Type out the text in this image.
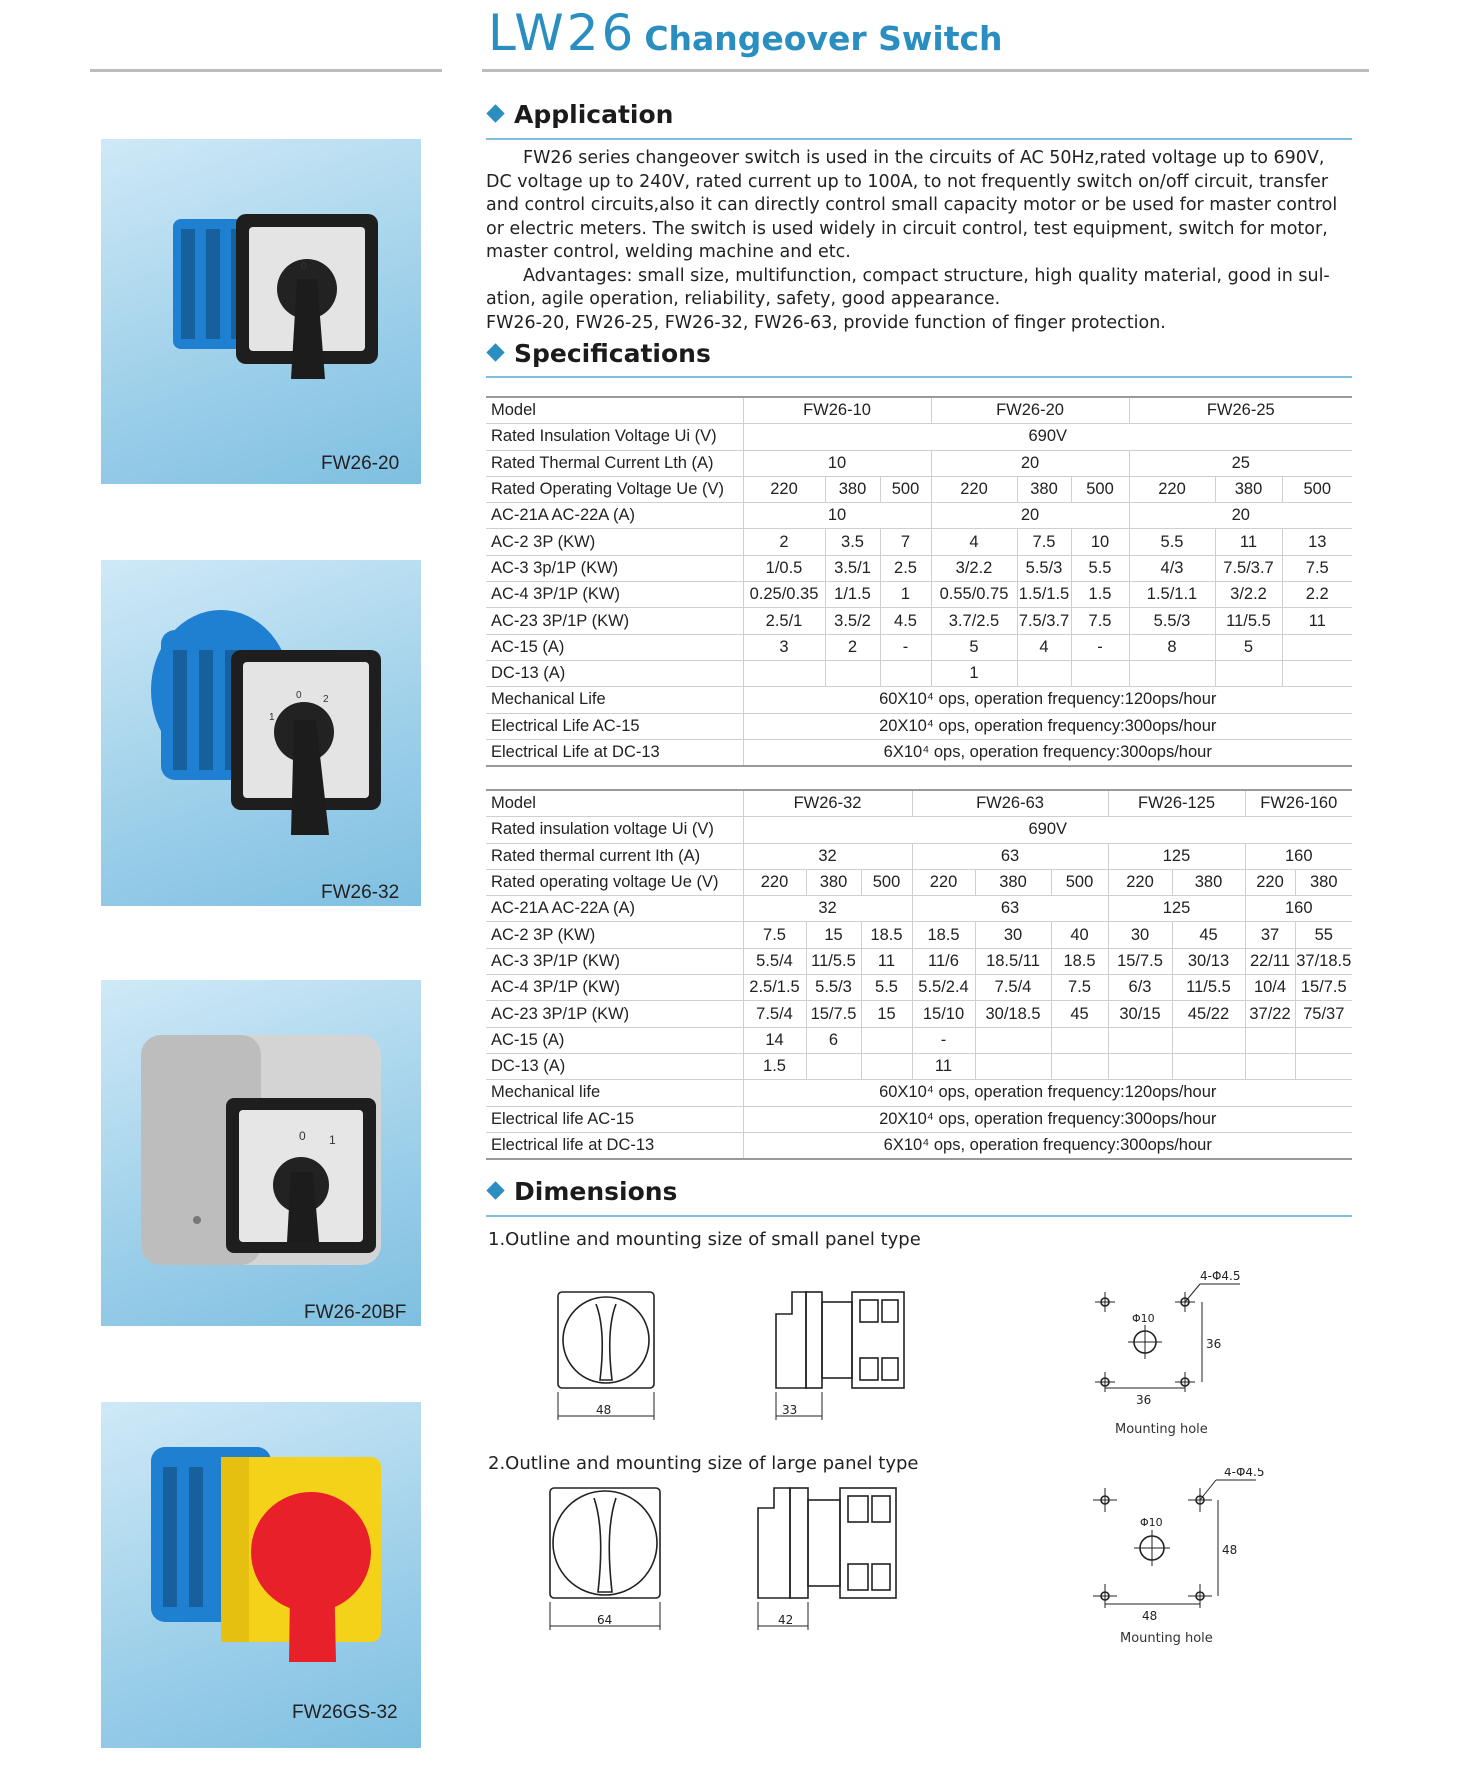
LW26 Changeover Switch
0
FW26-20
0 2
1
FW26-32
0 1
FW26-20BF
FW26GS-32
Application

FW26 series changeover switch is used in the circuits of AC 50Hz,rated voltage up to 690V,

DC voltage up to 240V, rated current up to 100A, to not frequently switch on/off circuit, transfer

and control circuits,also it can directly control small capacity motor or be used for master control

or electric meters. The switch is used widely in circuit control, test equipment, switch for motor,

master control, welding machine and etc.

Advantages: small size, multifunction, compact structure, high quality material, good in sul-

ation, agile operation, reliability, safety, good appearance.

FW26-20, FW26-25, FW26-32, FW26-63, provide function of finger protection.

Specifications
Model	FW26-10			FW26-20			FW26-25		
Rated Insulation Voltage Ui (V)	690V								
Rated Thermal Current Lth (A)	10			20			25		
Rated Operating Voltage Ue (V)	220	380	500	220	380	500	220	380	500
AC-21A AC-22A (A)	10			20			20		
AC-2 3P (KW)	2	3.5	7	4	7.5	10	5.5	11	13
AC-3 3p/1P (KW)	1/0.5	3.5/1	2.5	3/2.2	5.5/3	5.5	4/3	7.5/3.7	7.5
AC-4 3P/1P (KW)	0.25/0.35	1/1.5	1	0.55/0.75	1.5/1.5	1.5	1.5/1.1	3/2.2	2.2
AC-23 3P/1P (KW)	2.5/1	3.5/2	4.5	3.7/2.5	7.5/3.7	7.5	5.5/3	11/5.5	11
AC-15 (A)	3	2	-	5	4	-	8	5	
DC-13 (A)				1					
Mechanical Life	60X10⁴ ops, operation frequency:120ops/hour								
Electrical Life AC-15	20X10⁴ ops, operation frequency:300ops/hour								
Electrical Life at DC-13	6X10⁴ ops, operation frequency:300ops/hour								
Model	FW26-32			FW26-63			FW26-125		FW26-160	
Rated insulation voltage Ui (V)	690V									
Rated thermal current Ith (A)	32			63			125		160	
Rated operating voltage Ue (V)	220	380	500	220	380	500	220	380	220	380
AC-21A AC-22A (A)	32			63			125		160	
AC-2 3P (KW)	7.5	15	18.5	18.5	30	40	30	45	37	55
AC-3 3P/1P (KW)	5.5/4	11/5.5	11	11/6	18.5/11	18.5	15/7.5	30/13	22/11	37/18.5
AC-4 3P/1P (KW)	2.5/1.5	5.5/3	5.5	5.5/2.4	7.5/4	7.5	6/3	11/5.5	10/4	15/7.5
AC-23 3P/1P (KW)	7.5/4	15/7.5	15	15/10	30/18.5	45	30/15	45/22	37/22	75/37
AC-15 (A)	14	6		-						
DC-13 (A)	1.5			11						
Mechanical life	60X10⁴ ops, operation frequency:120ops/hour									
Electrical life AC-15	20X10⁴ ops, operation frequency:300ops/hour									
Electrical life at DC-13	6X10⁴ ops, operation frequency:300ops/hour									
Dimensions
1.Outline and mounting size of small panel type
2.Outline and mounting size of large panel type
48	33
4-Φ4.5
Φ10
36
36
Mounting hole
64	42
4-Φ4.5
Φ10
48
48
Mounting hole
